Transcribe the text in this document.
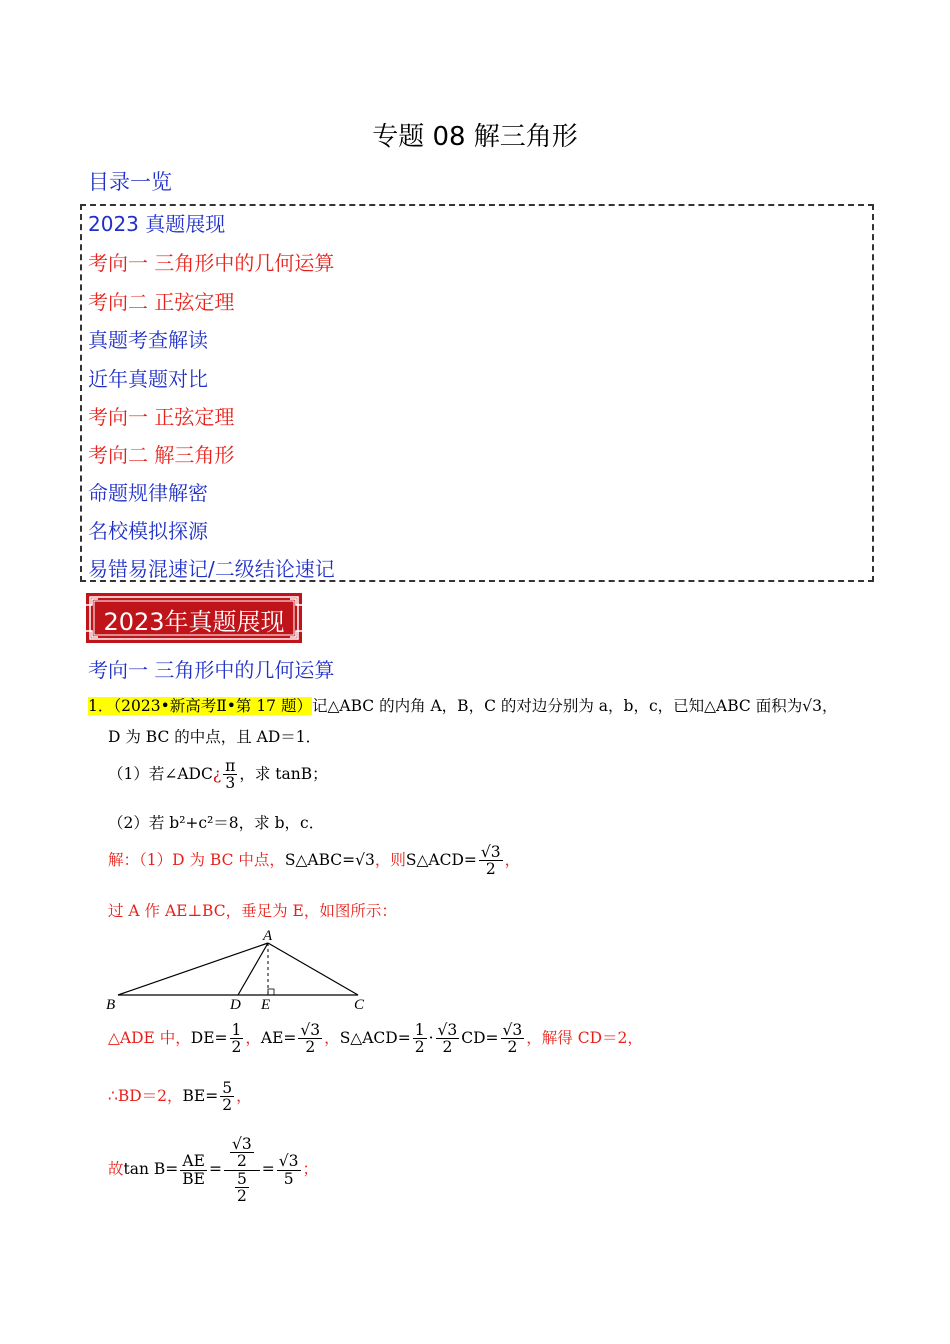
专题 08 解三角形
目录一览
2023 真题展现
考向一 三角形中的几何运算
考向二 正弦定理
真题考查解读
近年真题对比
考向一 正弦定理
考向二 解三角形
命题规律解密
名校模拟探源
易错易混速记/二级结论速记
2023年真题展现
考向一 三角形中的几何运算
1．（2023•新高考Ⅱ•第 17 题）记△ABC 的内角 A，B，C 的对边分别为 a，b，c，已知△ABC 面积为√3，
D 为 BC 的中点，且 AD＝1．
（1）若∠ADC¿ $\frac{\pi}{3}$ ，求 tanB；
（2）若 b²+c²＝8，求 b，c．
解：（1）D 为 BC 中点，S△ABC=√3，则S△ACD= $\frac{√3}{2}$ ，
过 A 作 AE⊥BC，垂足为 E，如图所示：
A
B	C
D E
△ADE 中，$DE= \frac{1}{2}$ ，$AE= \frac{√3}{2}$ ，S△ACD= $\frac{1}{2} \cdot \frac{√3}{2} CD= \frac{√3}{2}$ ，解得 CD＝2，
∴BD＝2，$BE= \frac{5}{2}$ ，
故$\tan B= \frac{AE}{BE} = \frac{\frac{√3}{2}}{\frac{5}{2}} = \frac{√3}{5}$ ；
